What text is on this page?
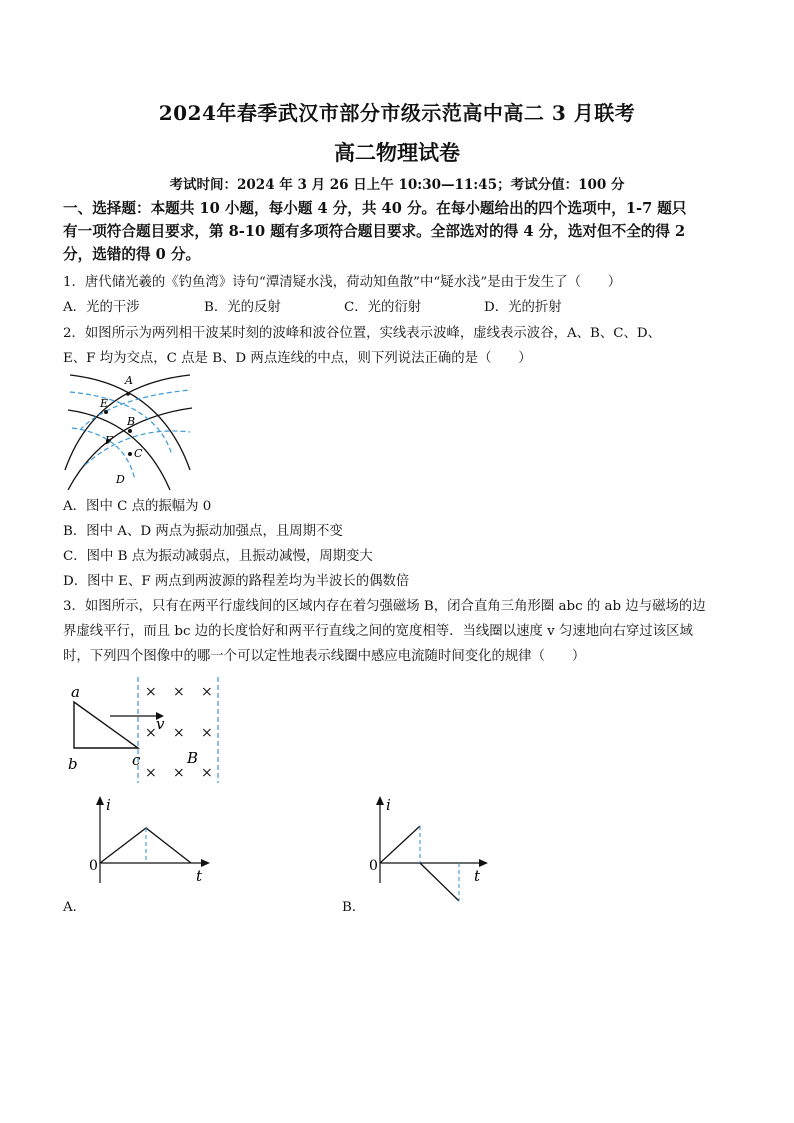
2024年春季武汉市部分市级示范高中高二 3 月联考
高二物理试卷
考试时间：2024 年 3 月 26 日上午 10:30—11:45；考试分值：100 分
一、选择题：本题共 10 小题，每小题 4 分，共 40 分。在每小题给出的四个选项中，1-7 题只
有一项符合题目要求，第 8-10 题有多项符合题目要求。全部选对的得 4 分，选对但不全的得 2
分，选错的得 0 分。
1．唐代储光羲的《钓鱼湾》诗句“潭清疑水浅，荷动知鱼散”中“疑水浅”是由于发生了（　　）
A．光的干涉	B．光的反射	C．光的衍射	D．光的折射
2．如图所示为两列相干波某时刻的波峰和波谷位置，实线表示波峰，虚线表示波谷，A、B、C、D、
E、F 均为交点，C 点是 B、D 两点连线的中点，则下列说法正确的是（　　）
A
B
C
D
E
F
A．图中 C 点的振幅为 0
B．图中 A、D 两点为振动加强点，且周期不变
C．图中 B 点为振动减弱点，且振动减慢，周期变大
D．图中 E、F 两点到两波源的路程差均为半波长的偶数倍
3．如图所示，只有在两平行虚线间的区域内存在着匀强磁场 B，闭合直角三角形圈 abc 的 ab 边与磁场的边
界虚线平行，而且 bc 边的长度恰好和两平行直线之间的宽度相等．当线圈以速度 v 匀速地向右穿过该区域
时，下列四个图像中的哪一个可以定性地表示线圈中感应电流随时间变化的规律（　　）
a
b	c
v
B
× × ×
× × ×
× × ×
i
t
0
A．
i
t
0
B．
